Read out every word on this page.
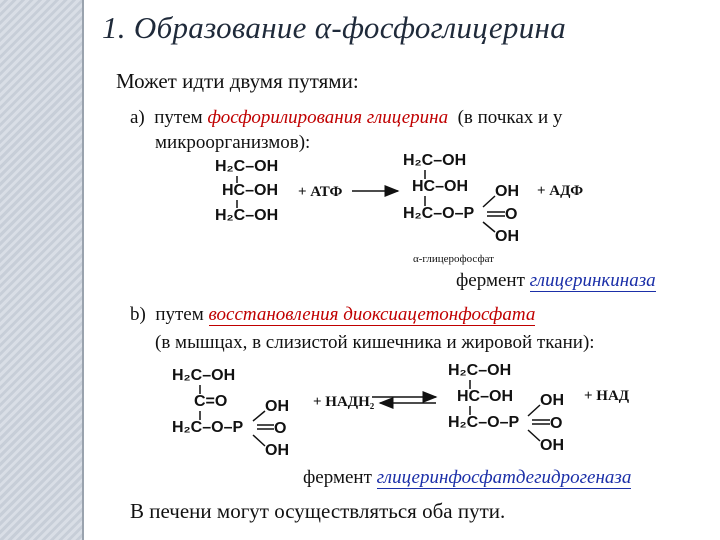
1. Образование α-фосфоглицерина
Может идти двумя путями:
a) путем фосфорилирования глицерина (в почках и у
микроорганизмов):
H₂C–OH
HC–OH
H₂C–OH
+ АТФ
H₂C–OH
HC–OH
H₂C–O–P
OH
O
OH
+ АДФ
α-глицерофосфат
фермент глицеринкиназа
b) путем восстановления диоксиацетонфосфата
(в мышцах, в слизистой кишечника и жировой ткани):
H₂C–OH
C=O
H₂C–O–P
OH
O
OH
+ НАДН₂
H₂C–OH
HC–OH
H₂C–O–P
OH
O
OH
+ НАД
фермент глицеринфосфатдегидрогеназа
В печени могут осуществляться оба пути.
